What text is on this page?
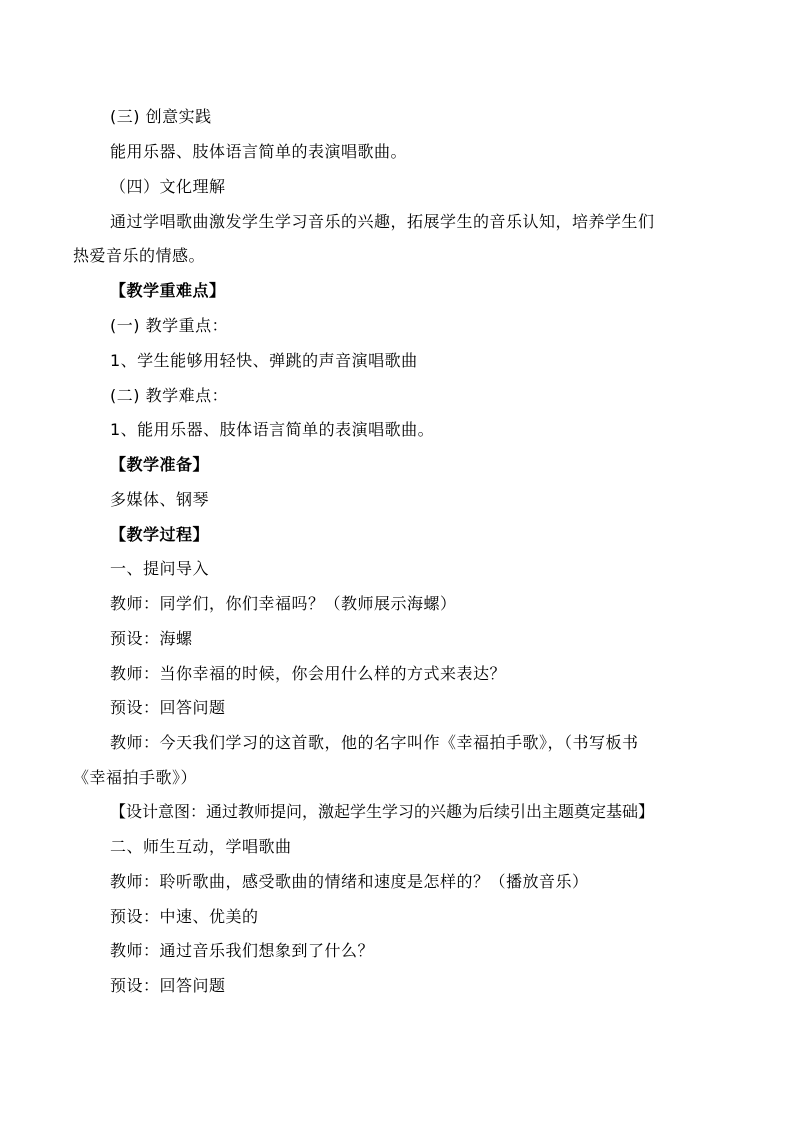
(三) 创意实践
能用乐器、肢体语言简单的表演唱歌曲。
（四）文化理解
通过学唱歌曲激发学生学习音乐的兴趣，拓展学生的音乐认知，培养学生们
热爱音乐的情感。
【教学重难点】
(一) 教学重点：
1、学生能够用轻快、弹跳的声音演唱歌曲
(二) 教学难点：
1、能用乐器、肢体语言简单的表演唱歌曲。
【教学准备】
多媒体、钢琴
【教学过程】
一、提问导入
教师：同学们，你们幸福吗？（教师展示海螺）
预设：海螺
教师：当你幸福的时候，你会用什么样的方式来表达？
预设：回答问题
教师：今天我们学习的这首歌，他的名字叫作《幸福拍手歌》，（书写板书
《幸福拍手歌》）
【设计意图：通过教师提问，激起学生学习的兴趣为后续引出主题奠定基础】
二、师生互动，学唱歌曲
教师：聆听歌曲，感受歌曲的情绪和速度是怎样的？（播放音乐）
预设：中速、优美的
教师：通过音乐我们想象到了什么？
预设：回答问题
